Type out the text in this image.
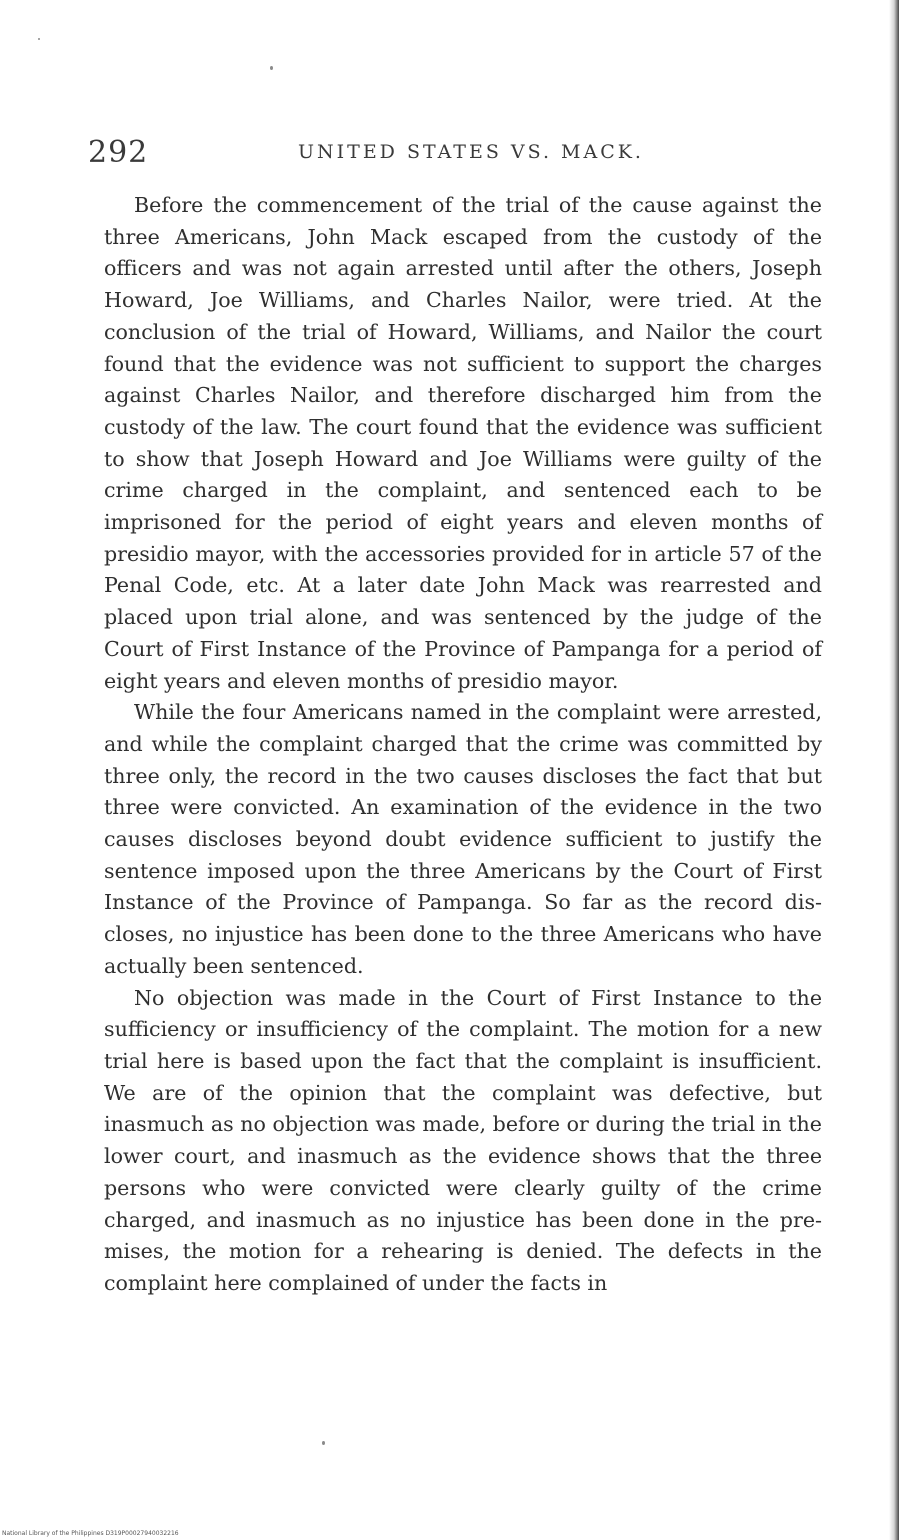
292	UNITED STATES VS. MACK.

Before the commencement of the trial of the cause against the three Americans, John Mack escaped from the custody of the officers and was not again arrested until after the others, Joseph Howard, Joe Williams, and Charles Nailor, were tried. At the conclusion of the trial of Howard, Williams, and Nailor the court found that the evidence was not sufficient to support the charges against Charles Nailor, and therefore discharged him from the custody of the law. The court found that the evidence was sufficient to show that Joseph Howard and Joe Williams were guilty of the crime charged in the complaint, and sentenced each to be imprisoned for the period of eight years and eleven months of presidio mayor, with the accessories provided for in article 57 of the Penal Code, etc. At a later date John Mack was rearrested and placed upon trial alone, and was sentenced by the judge of the Court of First Instance of the Province of Pampanga for a period of eight years and eleven months of presidio mayor.

While the four Americans named in the complaint were arrested, and while the complaint charged that the crime was committed by three only, the record in the two causes discloses the fact that but three were convicted. An examination of the evidence in the two causes discloses beyond doubt evidence sufficient to justify the sentence imposed upon the three Americans by the Court of First Instance of the Province of Pampanga. So far as the record discloses, no injustice has been done to the three Americans who have actually been sentenced.

No objection was made in the Court of First Instance to the sufficiency or insufficiency of the complaint. The motion for a new trial here is based upon the fact that the complaint is insufficient. We are of the opinion that the complaint was defective, but inasmuch as no objection was made, before or during the trial in the lower court, and inasmuch as the evidence shows that the three persons who were convicted were clearly guilty of the crime charged, and inasmuch as no injustice has been done in the premises, the motion for a rehearing is denied. The defects in the complaint here complained of under the facts in

National Library of the Philippines D319P00027940032216
